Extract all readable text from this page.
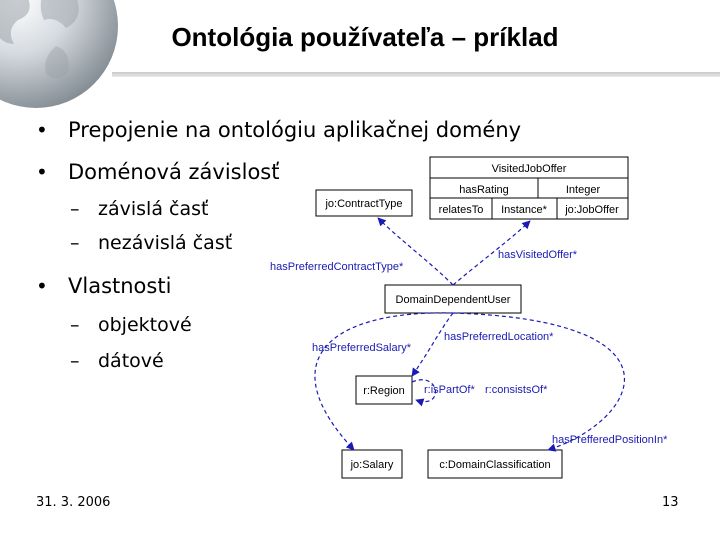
Ontológia používateľa – príklad
• Prepojenie na ontológiu aplikačnej domény
• Doménová závislosť
– závislá časť
– nezávislá časť
• Vlastnosti
– objektové
– dátové
VisitedJobOffer
hasRating	Integer
relatesTo Instance* jo:JobOffer
jo:ContractType
DomainDependentUser
r:Region
jo:Salary	c:DomainClassification
hasPreferredContractType*
hasVisitedOffer*
hasPreferredLocation*
hasPreferredSalary*
r:isPartOf* r:consistsOf*
hasPrefferedPositionIn*
31. 3. 2006	13
